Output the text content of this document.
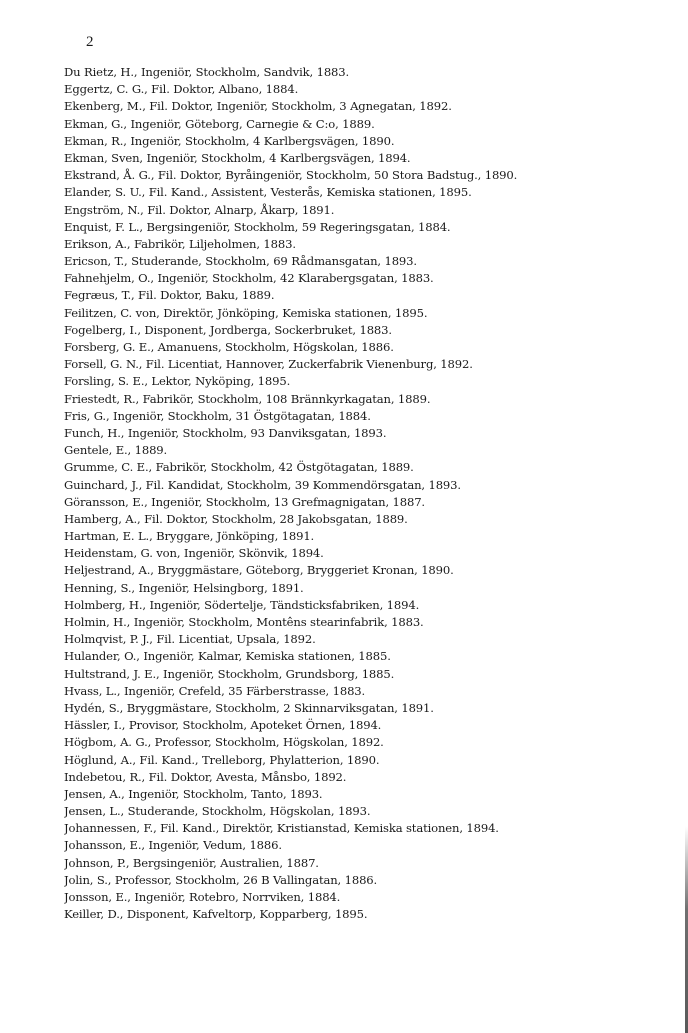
2
Du Rietz, H., Ingeniör, Stockholm, Sandvik, 1883.
Eggertz, C. G., Fil. Doktor, Albano, 1884.
Ekenberg, M., Fil. Doktor, Ingeniör, Stockholm, 3 Agnegatan, 1892.
Ekman, G., Ingeniör, Göteborg, Carnegie & C:o, 1889.
Ekman, R., Ingeniör, Stockholm, 4 Karlbergsvägen, 1890.
Ekman, Sven, Ingeniör, Stockholm, 4 Karlbergsvägen, 1894.
Ekstrand, Å. G., Fil. Doktor, Byråingeniör, Stockholm, 50 Stora Badstug., 1890.
Elander, S. U., Fil. Kand., Assistent, Vesterås, Kemiska stationen, 1895.
Engström, N., Fil. Doktor, Alnarp, Åkarp, 1891.
Enquist, F. L., Bergsingeniör, Stockholm, 59 Regeringsgatan, 1884.
Erikson, A., Fabrikör, Liljeholmen, 1883.
Ericson, T., Studerande, Stockholm, 69 Rådmansgatan, 1893.
Fahnehjelm, O., Ingeniör, Stockholm, 42 Klarabergsgatan, 1883.
Fegræus, T., Fil. Doktor, Baku, 1889.
Feilitzen, C. von, Direktör, Jönköping, Kemiska stationen, 1895.
Fogelberg, I., Disponent, Jordberga, Sockerbruket, 1883.
Forsberg, G. E., Amanuens, Stockholm, Högskolan, 1886.
Forsell, G. N., Fil. Licentiat, Hannover, Zuckerfabrik Vienenburg, 1892.
Forsling, S. E., Lektor, Nyköping, 1895.
Friestedt, R., Fabrikör, Stockholm, 108 Brännkyrkagatan, 1889.
Fris, G., Ingeniör, Stockholm, 31 Östgötagatan, 1884.
Funch, H., Ingeniör, Stockholm, 93 Danviksgatan, 1893.
Gentele, E., 1889.
Grumme, C. E., Fabrikör, Stockholm, 42 Östgötagatan, 1889.
Guinchard, J., Fil. Kandidat, Stockholm, 39 Kommendörsgatan, 1893.
Göransson, E., Ingeniör, Stockholm, 13 Grefmagnigatan, 1887.
Hamberg, A., Fil. Doktor, Stockholm, 28 Jakobsgatan, 1889.
Hartman, E. L., Bryggare, Jönköping, 1891.
Heidenstam, G. von, Ingeniör, Skönvik, 1894.
Heljestrand, A., Bryggmästare, Göteborg, Bryggeriet Kronan, 1890.
Henning, S., Ingeniör, Helsingborg, 1891.
Holmberg, H., Ingeniör, Södertelje, Tändsticksfabriken, 1894.
Holmin, H., Ingeniör, Stockholm, Montêns stearinfabrik, 1883.
Holmqvist, P. J., Fil. Licentiat, Upsala, 1892.
Hulander, O., Ingeniör, Kalmar, Kemiska stationen, 1885.
Hultstrand, J. E., Ingeniör, Stockholm, Grundsborg, 1885.
Hvass, L., Ingeniör, Crefeld, 35 Färberstrasse, 1883.
Hydén, S., Bryggmästare, Stockholm, 2 Skinnarviksgatan, 1891.
Hässler, I., Provisor, Stockholm, Apoteket Örnen, 1894.
Högbom, A. G., Professor, Stockholm, Högskolan, 1892.
Höglund, A., Fil. Kand., Trelleborg, Phylatterion, 1890.
Indebetou, R., Fil. Doktor, Avesta, Månsbo, 1892.
Jensen, A., Ingeniör, Stockholm, Tanto, 1893.
Jensen, L., Studerande, Stockholm, Högskolan, 1893.
Johannessen, F., Fil. Kand., Direktör, Kristianstad, Kemiska stationen, 1894.
Johansson, E., Ingeniör, Vedum, 1886.
Johnson, P., Bergsingeniör, Australien, 1887.
Jolin, S., Professor, Stockholm, 26 B Vallingatan, 1886.
Jonsson, E., Ingeniör, Rotebro, Norrviken, 1884.
Keiller, D., Disponent, Kafveltorp, Kopparberg, 1895.
